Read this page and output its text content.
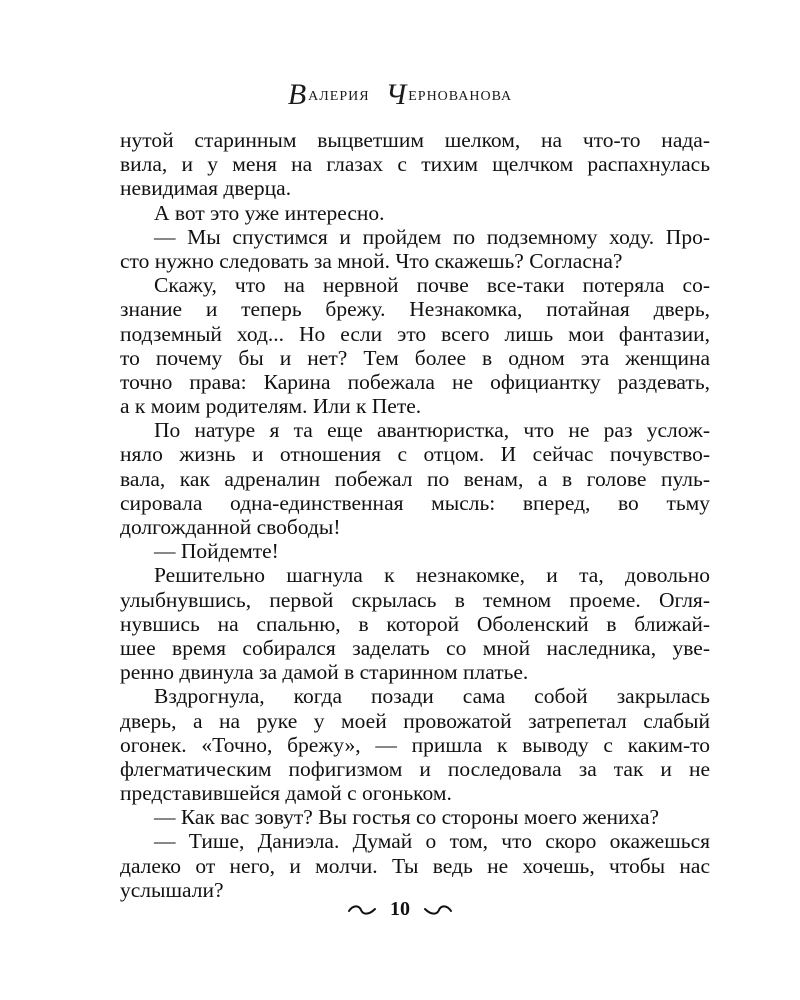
ВАЛЕРИЯ ЧЕРНОВАНОВА
нутой старинным выцветшим шелком, на что-то нада-
вила, и у меня на глазах с тихим щелчком распахнулась
невидимая дверца.
А вот это уже интересно.
— Мы спустимся и пройдем по подземному ходу. Про-
сто нужно следовать за мной. Что скажешь? Согласна?
Скажу, что на нервной почве все-таки потеряла со-
знание и теперь брежу. Незнакомка, потайная дверь,
подземный ход... Но если это всего лишь мои фантазии,
то почему бы и нет? Тем более в одном эта женщина
точно права: Карина побежала не официантку раздевать,
а к моим родителям. Или к Пете.
По натуре я та еще авантюристка, что не раз услож-
няло жизнь и отношения с отцом. И сейчас почувство-
вала, как адреналин побежал по венам, а в голове пуль-
сировала одна-единственная мысль: вперед, во тьму
долгожданной свободы!
— Пойдемте!
Решительно шагнула к незнакомке, и та, довольно
улыбнувшись, первой скрылась в темном проеме. Огля-
нувшись на спальню, в которой Оболенский в ближай-
шее время собирался заделать со мной наследника, уве-
ренно двинула за дамой в старинном платье.
Вздрогнула, когда позади сама собой закрылась
дверь, а на руке у моей провожатой затрепетал слабый
огонек. «Точно, брежу», — пришла к выводу с каким-то
флегматическим пофигизмом и последовала за так и не
представившейся дамой с огоньком.
— Как вас зовут? Вы гостья со стороны моего жениха?
— Тише, Даниэла. Думай о том, что скоро окажешься
далеко от него, и молчи. Ты ведь не хочешь, чтобы нас
услышали?
10
